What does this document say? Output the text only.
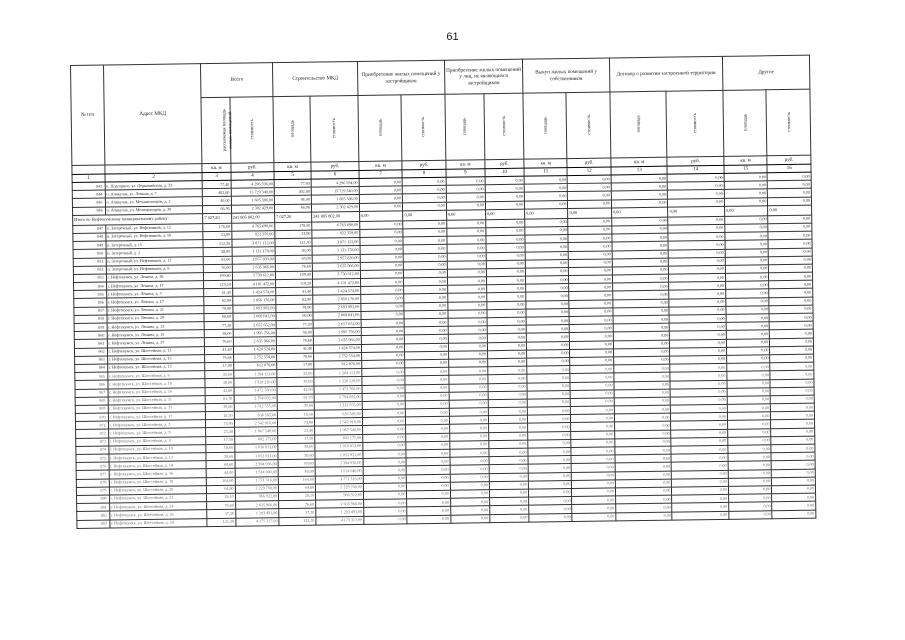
61
№ п/п	Адрес МКД	Всего		Строительство МКД		Приобретение жилых помещений у застройщиков		Приобретение жилых помещений у лиц, не являющихся застройщиком		Выкуп жилых помещений у собственников		Договор о развитии застроенной территории		Другое	
		расселяемая площадь жилых помещений	стоимость	площадь	стоимость	площадь	стоимость	площадь	стоимость	площадь	стоимость	площадь	стоимость	площадь	стоимость
		кв. м	руб.	кв. м	руб.	кв. м	руб.	кв. м	руб.	кв. м	руб.	кв. м	руб.	кв. м	руб.
1	2	3	4	5	6	7	8	9	10	11	12	13	14	15	16
843	п. Подгорное, ул. Первомайская, д. 33	77,40	4 296 594,00	77,40	4 296 594,00	0,00	0,00	0,00	0,00	0,00	0,00	0,00	0,00	0,00	0,00
844	п. Ачикулак, ул. Ленина, д. 7	402,80	15 729 340,00	402,80	15 729 340,00	0,00	0,00	0,00	0,00	0,00	0,00	0,00	0,00	0,00	0,00
845	п. Ачикулак, ул. Механизаторов, д. 2	46,00	1 605 386,00	46,00	1 605 386,00	0,00	0,00	0,00	0,00	0,00	0,00	0,00	0,00	0,00	0,00
846	п. Ачикулак, ул. Мелиораторов, д. 30	66,96	2 302 429,00	66,96	2 302 429,00	0,00	0,00	0,00	0,00	0,00	0,00	0,00	0,00	0,00	0,00
Итого по Нефтекумскому муниципальному району:		7 027,20	241 805 802,00	7 027,20	241 805 802,00	0,00	0,00	0,00	0,00	0,00	0,00	0,00	0,00	0,00	0,00
847	п. Затеречный, ул. Нефтяников, д. 12	178,60	4 765 690,00	178,60	4 765 690,00	0,00	0,00	0,00	0,00	0,00	0,00	0,00	0,00	0,00	0,00
848	п. Затеречный, ул. Нефтяников, д. 10	23,90	822 359,00	23,90	822 359,00	0,00	0,00	0,00	0,00	0,00	0,00	0,00	0,00	0,00	0,00
849	п. Затеречный, д. 15	112,30	3 871 122,00	112,30	3 871 122,00	0,00	0,00	0,00	0,00	0,00	0,00	0,00	0,00	0,00	0,00
850	п. Затеречный, д. 2	38,00	1 131 178,00	38,00	1 131 178,00	0,00	0,00	0,00	0,00	0,00	0,00	0,00	0,00	0,00	0,00
851	п. Затеречный, ул. Нефтяников, д. 11	65,00	2 957 830,00	65,00	2 957 830,00	0,00	0,00	0,00	0,00	0,00	0,00	0,00	0,00	0,00	0,00
852	п. Затеречный, ул. Нефтяников, д. 8	76,60	2 635 966,00	76,60	2 635 966,00	0,00	0,00	0,00	0,00	0,00	0,00	0,00	0,00	0,00	0,00
853	г. Нефтекумск, ул. Ленина, д. 38	109,40	3 730 612,00	109,40	3 730 612,00	0,00	0,00	0,00	0,00	0,00	0,00	0,00	0,00	0,00	0,00
854	г. Нефтекумск, ул. Ленина, д. 17	119,20	4 101 472,00	119,20	4 101 472,00	0,00	0,00	0,00	0,00	0,00	0,00	0,00	0,00	0,00	0,00
855	г. Нефтекумск, ул. Ленина, д. 5	41,40	1 424 574,00	41,40	1 424 574,00	0,00	0,00	0,00	0,00	0,00	0,00	0,00	0,00	0,00	0,00
856	г. Нефтекумск, ул. Ленина, д. 17	82,90	2 856 176,00	82,90	2 856 176,00	0,00	0,00	0,00	0,00	0,00	0,00	0,00	0,00	0,00	0,00
857	г. Нефтекумск, ул. Ленина, д. 21	79,90	2 693 992,00	79,90	2 693 992,00	0,00	0,00	0,00	0,00	0,00	0,00	0,00	0,00	0,00	0,00
858	г. Нефтекумск, ул. Ленина, д. 20	60,00	2 068 041,00	60,00	2 068 041,00	0,00	0,00	0,00	0,00	0,00	0,00	0,00	0,00	0,00	0,00
859	г. Нефтекумск, ул. Ленина, д. 13	77,20	2 657 652,00	77,20	2 657 652,00	0,00	0,00	0,00	0,00	0,00	0,00	0,00	0,00	0,00	0,00
860	г. Нефтекумск, ул. Ленина, д. 15	58,00	1 995 756,00	58,00	1 995 756,00	0,00	0,00	0,00	0,00	0,00	0,00	0,00	0,00	0,00	0,00
861	г. Нефтекумск, ул. Ленина, д. 37	76,60	2 635 966,00	76,60	2 635 966,00	0,00	0,00	0,00	0,00	0,00	0,00	0,00	0,00	0,00	0,00
862	г. Нефтекумск, ул. Шоссейная, д. 13	41,40	1 424 574,00	41,40	1 424 574,00	0,00	0,00	0,00	0,00	0,00	0,00	0,00	0,00	0,00	0,00
863	г. Нефтекумск, ул. Шоссейная, д. 15	76,66	2 752 554,00	76,66	2 752 554,00	0,00	0,00	0,00	0,00	0,00	0,00	0,00	0,00	0,00	0,00
864	г. Нефтекумск, ул. Шоссейная, д. 13	17,00	612 076,00	17,00	612 076,00	0,00	0,00	0,00	0,00	0,00	0,00	0,00	0,00	0,00	0,00
865	г. Нефтекумск, ул. Шоссейная, д. 6	35,00	1 204 113,00	35,00	1 204 113,00	0,00	0,00	0,00	0,00	0,00	0,00	0,00	0,00	0,00	0,00
866	г. Нефтекумск, ул. Шоссейная, д. 18	39,00	1 328 220,00	39,00	1 328 220,00	0,00	0,00	0,00	0,00	0,00	0,00	0,00	0,00	0,00	0,00
867	г. Нефтекумск, ул. Шоссейная, д. 16	42,80	1 472 760,00	42,80	1 472 760,00	0,00	0,00	0,00	0,00	0,00	0,00	0,00	0,00	0,00	0,00
868	г. Нефтекумск, ул. Шоссейная, д. 11	81,70	2 794 692,00	81,70	2 794 692,00	0,00	0,00	0,00	0,00	0,00	0,00	0,00	0,00	0,00	0,00
869	г. Нефтекумск, ул. Шоссейная, д. 15	39,80	1 312 555,00	39,80	1 312 555,00	0,00	0,00	0,00	0,00	0,00	0,00	0,00	0,00	0,00	0,00
870	г. Нефтекумск, ул. Шоссейная, д. 17	18,50	636 585,00	18,50	636 585,00	0,00	0,00	0,00	0,00	0,00	0,00	0,00	0,00	0,00	0,00
871	г. Нефтекумск, ул. Шоссейная, д. 2	73,90	2 542 916,00	73,90	2 542 916,00	0,00	0,00	0,00	0,00	0,00	0,00	0,00	0,00	0,00	0,00
872	г. Нефтекумск, ул. Шоссейная, д. 9	23,40	1 067 540,00	23,40	1 067 540,00	0,00	0,00	0,00	0,00	0,00	0,00	0,00	0,00	0,00	0,00
873	г. Нефтекумск, ул. Шоссейная, д. 8	17,50	602 175,00	17,50	602 175,00	0,00	0,00	0,00	0,00	0,00	0,00	0,00	0,00	0,00	0,00
874	г. Нефтекумск, ул. Шоссейная, д. 10	58,60	1 016 813,00	58,60	1 016 813,00	0,00	0,00	0,00	0,00	0,00	0,00	0,00	0,00	0,00	0,00
875	г. Нефтекумск, ул. Шоссейная, д. 12	30,60	1 053 921,00	30,60	1 053 921,00	0,00	0,00	0,00	0,00	0,00	0,00	0,00	0,00	0,00	0,00
876	г. Нефтекумск, ул. Шоссейная, д. 14	69,60	2 394 936,00	69,60	2 394 936,00	0,00	0,00	0,00	0,00	0,00	0,00	0,00	0,00	0,00	0,00
877	г. Нефтекумск, ул. Шоссейная, д. 16	44,00	1 514 040,00	44,00	1 514 040,00	0,00	0,00	0,00	0,00	0,00	0,00	0,00	0,00	0,00	0,00
878	г. Нефтекумск, ул. Шоссейная, д. 18	164,60	1 771 316,00	164,60	1 771 316,00	0,00	0,00	0,00	0,00	0,00	0,00	0,00	0,00	0,00	0,00
879	г. Нефтекумск, ул. Шоссейная, д. 20	64,80	2 229 768,00	64,80	2 229 768,00	0,00	0,00	0,00	0,00	0,00	0,00	0,00	0,00	0,00	0,00
880	г. Нефтекумск, ул. Шоссейная, д. 22	28,10	966 922,00	28,10	966 922,00	0,00	0,00	0,00	0,00	0,00	0,00	0,00	0,00	0,00	0,00
881	г. Нефтекумск, ул. Шоссейная, д. 24	76,60	2 635 966,00	76,60	2 635 966,00	0,00	0,00	0,00	0,00	0,00	0,00	0,00	0,00	0,00	0,00
882	г. Нефтекумск, ул. Шоссейная, д. 26	37,30	1 283 493,00	37,30	1 283 493,00	0,00	0,00	0,00	0,00	0,00	0,00	0,00	0,00	0,00	0,00
883	г. Нефтекумск, ул. Шоссейная, д. 28	121,30	4 175 317,00	121,30	4 175 317,00	0,00	0,00	0,00	0,00	0,00	0,00	0,00	0,00	0,00	0,00
